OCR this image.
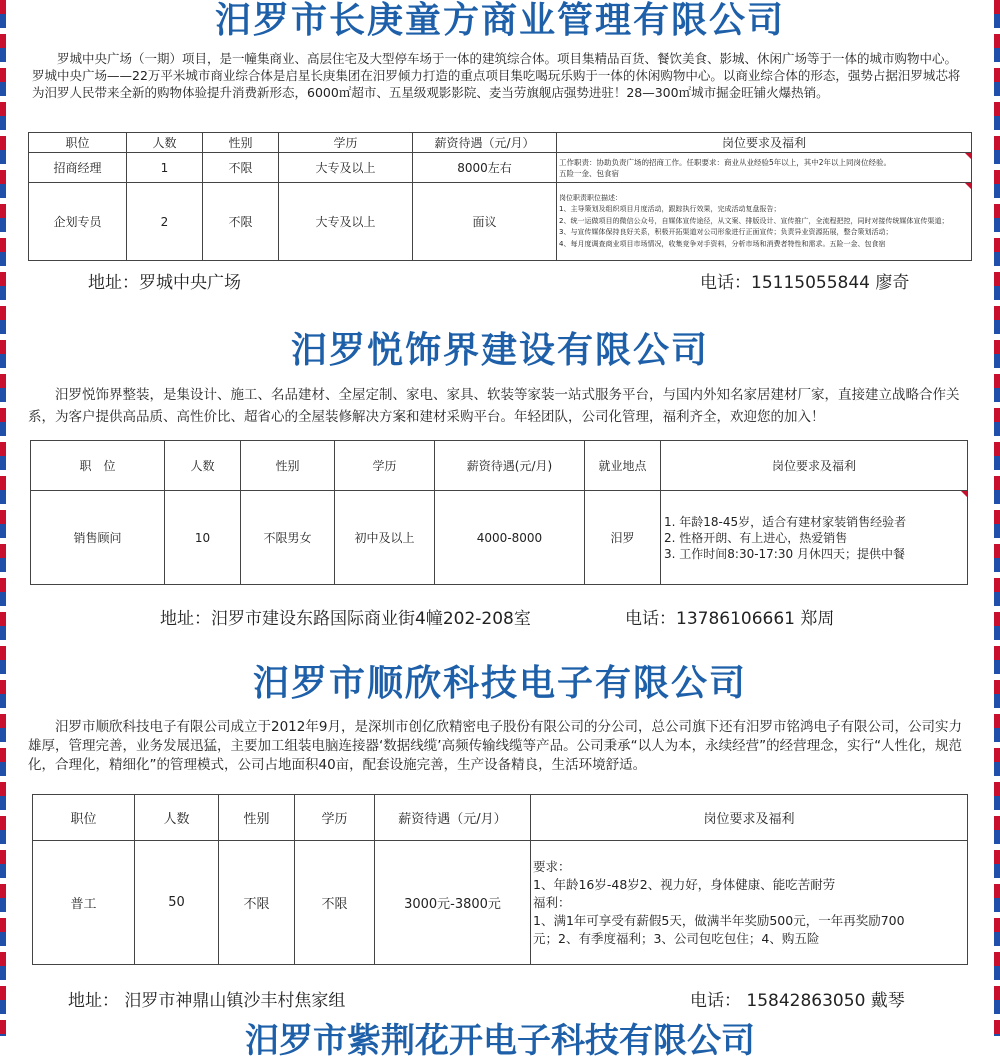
汨罗市长庚童方商业管理有限公司

罗城中央广场（一期）项目，是一幢集商业、高层住宅及大型停车场于一体的建筑综合体。项目集精品百货、餐饮美食、影城、休闲广场等于一体的城市购物中心。罗城中央广场——22万平米城市商业综合体是启星长庚集团在汨罗倾力打造的重点项目集吃喝玩乐购于一体的休闲购物中心。以商业综合体的形态，强势占据汨罗城芯将为汨罗人民带来全新的购物体验提升消费新形态，6000㎡超市、五星级观影影院、麦当劳旗舰店强势进驻！28—300㎡城市掘金旺铺火爆热销。

职位	人数	性别	学历	薪资待遇（元/月）	岗位要求及福利
招商经理	1	不限	大专及以上	8000左右	工作职责：协助负责广场的招商工作。任职要求：商业从业经验5年以上，其中2年以上同岗位经验。
五险一金、包食宿

企划专员	2	不限	大专及以上	面议	岗位职责职位描述：
1、主导策划及组织项目月度活动，跟踪执行效果，完成活动复盘报告；
2、统一运做项目的微信公众号，自媒体宣传途径，从文案、排版设计、宣传推广，全流程把控，同时对接传统媒体宣传渠道；
3、与宣传媒体保持良好关系，积极开拓渠道对公司形象进行正面宣传；负责异业资源拓展，整合策划活动；
4、每月度调查商业项目市场情况，收集竞争对手资料，分析市场和消费者特性和需求。五险一金、包食宿
地址：罗城中央广场	电话：15115055844 廖奇
汨罗悦饰界建设有限公司

汨罗悦饰界整装，是集设计、施工、名品建材、全屋定制、家电、家具、软装等家装一站式服务平台，与国内外知名家居建材厂家，直接建立战略合作关系，为客户提供高品质、高性价比、超省心的全屋装修解决方案和建材采购平台。年轻团队，公司化管理，福利齐全，欢迎您的加入！

职　位	人数	性别	学历	薪资待遇(元/月)	就业地点	岗位要求及福利
销售顾问	10	不限男女	初中及以上	4000-8000	汨罗	1. 年龄18-45岁，适合有建材家装销售经验者
2. 性格开朗、有上进心，热爱销售
3. 工作时间8:30-17:30 月休四天；提供中餐
地址：汨罗市建设东路国际商业街4幢202-208室	电话：13786106661 郑周
汨罗市顺欣科技电子有限公司

汨罗市顺欣科技电子有限公司成立于2012年9月，是深圳市创亿欣精密电子股份有限公司的分公司，总公司旗下还有汨罗市铭鸿电子有限公司，公司实力雄厚，管理完善，业务发展迅猛，主要加工组装电脑连接器‘数据线缆’高频传输线缆等产品。公司秉承“以人为本，永续经营”的经营理念，实行“人性化，规范化，合理化，精细化”的管理模式，公司占地面积40亩，配套设施完善，生产设备精良，生活环境舒适。

职位	人数	性别	学历	薪资待遇（元/月）	岗位要求及福利
普工	50	不限	不限	3000元-3800元	要求：
1、年龄16岁-48岁2、视力好，身体健康、能吃苦耐劳
福利：
1、满1年可享受有薪假5天，做满半年奖励500元，一年再奖励700
元；2、有季度福利；3、公司包吃包住；4、购五险
地址： 汨罗市神鼎山镇沙丰村焦家组	电话： 15842863050 戴琴
汨罗市紫荆花开电子科技有限公司
